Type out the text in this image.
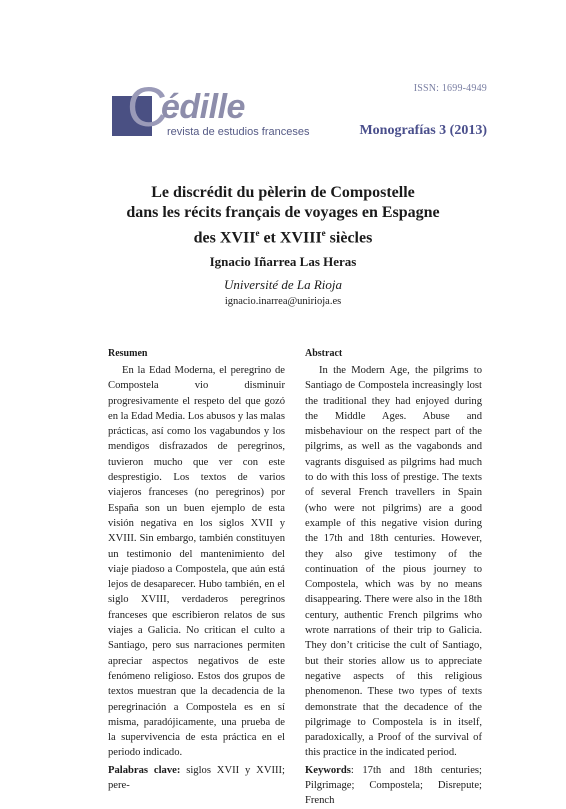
ISSN: 1699-4949
C
édille
revista de estudios franceses	Monografías 3 (2013)
Le discrédit du pèlerin de Compostelle
dans les récits français de voyages en Espagne
des XVIIe et XVIIIe siècles
Ignacio Iñarrea Las Heras
Université de La Rioja
ignacio.inarrea@unirioja.es
Resumen

En la Edad Moderna, el peregrino de Compostela vio disminuir progresivamente el respeto del que gozó en la Edad Media. Los abusos y las malas prácticas, así como los vagabundos y los mendigos disfrazados de peregrinos, tuvieron mucho que ver con este desprestigio. Los textos de varios viajeros franceses (no peregrinos) por España son un buen ejemplo de esta visión negativa en los siglos XVII y XVIII. Sin embargo, también constituyen un testimonio del mantenimiento del viaje piadoso a Compostela, que aún está lejos de desaparecer. Hubo también, en el siglo XVIII, verdaderos peregrinos franceses que escribieron relatos de sus viajes a Galicia. No critican el culto a Santiago, pero sus narraciones permiten apreciar aspectos negativos de este fenómeno religioso. Estos dos grupos de textos muestran que la decadencia de la peregrinación a Compostela es en sí misma, paradójicamente, una prueba de la supervivencia de esta práctica en el periodo indicado.

Palabras clave: siglos XVII y XVIII; pere-

Abstract

In the Modern Age, the pilgrims to Santiago de Compostela increasingly lost the traditional they had enjoyed during the Middle Ages. Abuse and misbehaviour on the respect part of the pilgrims, as well as the vagabonds and vagrants disguised as pilgrims had much to do with this loss of prestige. The texts of several French travellers in Spain (who were not pilgrims) are a good example of this negative vision during the 17th and 18th centuries. However, they also give testimony of the continuation of the pious journey to Compostela, which was by no means disappearing. There were also in the 18th century, authentic French pilgrims who wrote narrations of their trip to Galicia. They don’t criticise the cult of Santiago, but their stories allow us to appreciate negative aspects of this religious phenomenon. These two types of texts demonstrate that the decadence of the pilgrimage to Compostela is in itself, paradoxically, a Proof of the survival of this practice in the indicated period.

Keywords: 17th and 18th centuries; Pilgrimage; Compostela; Disrepute; French
